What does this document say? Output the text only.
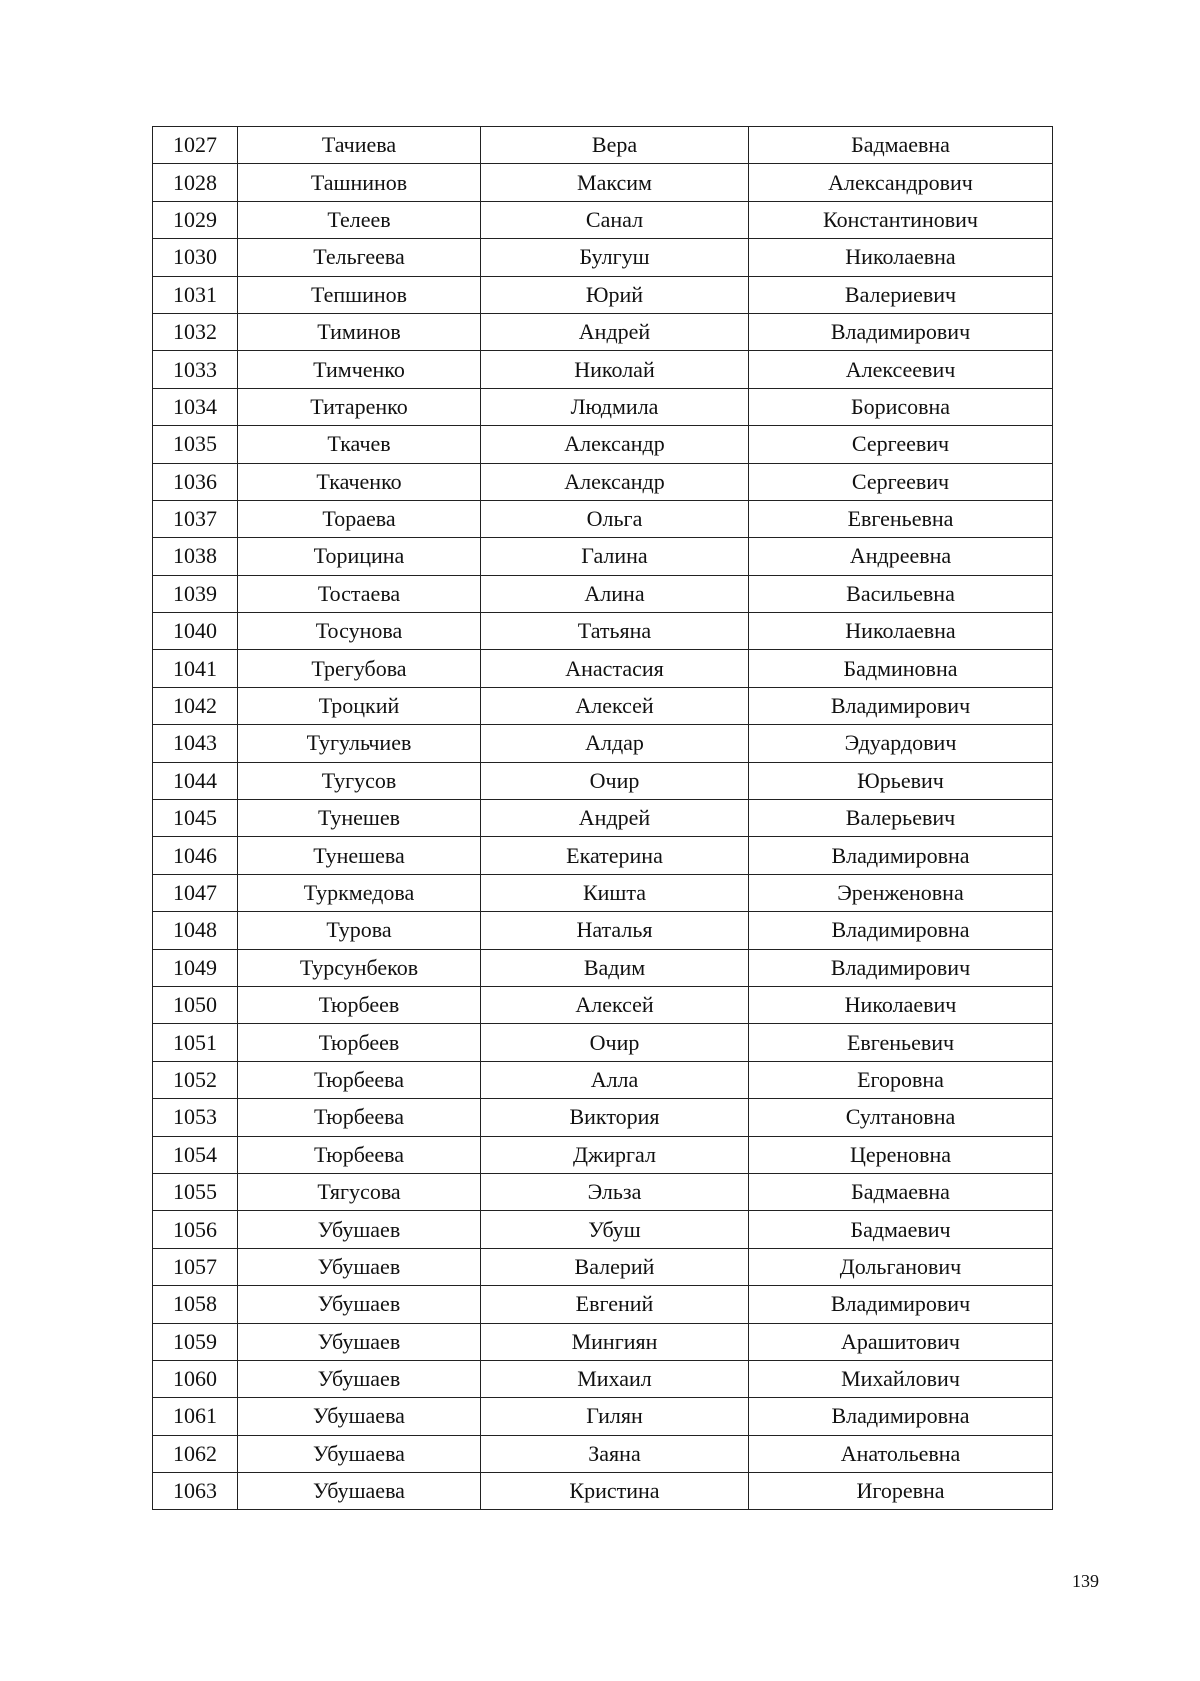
1027	Тачиева	Вера	Бадмаевна
1028	Ташнинов	Максим	Александрович
1029	Телеев	Санал	Константинович
1030	Тельгеева	Булгуш	Николаевна
1031	Тепшинов	Юрий	Валериевич
1032	Тиминов	Андрей	Владимирович
1033	Тимченко	Николай	Алексеевич
1034	Титаренко	Людмила	Борисовна
1035	Ткачев	Александр	Сергеевич
1036	Ткаченко	Александр	Сергеевич
1037	Тораева	Ольга	Евгеньевна
1038	Торицина	Галина	Андреевна
1039	Тостаева	Алина	Васильевна
1040	Тосунова	Татьяна	Николаевна
1041	Трегубова	Анастасия	Бадминовна
1042	Троцкий	Алексей	Владимирович
1043	Тугульчиев	Алдар	Эдуардович
1044	Тугусов	Очир	Юрьевич
1045	Тунешев	Андрей	Валерьевич
1046	Тунешева	Екатерина	Владимировна
1047	Туркмедова	Кишта	Эренженовна
1048	Турова	Наталья	Владимировна
1049	Турсунбеков	Вадим	Владимирович
1050	Тюрбеев	Алексей	Николаевич
1051	Тюрбеев	Очир	Евгеньевич
1052	Тюрбеева	Алла	Егоровна
1053	Тюрбеева	Виктория	Султановна
1054	Тюрбеева	Джиргал	Цереновна
1055	Тягусова	Эльза	Бадмаевна
1056	Убушаев	Убуш	Бадмаевич
1057	Убушаев	Валерий	Дольганович
1058	Убушаев	Евгений	Владимирович
1059	Убушаев	Мингиян	Арашитович
1060	Убушаев	Михаил	Михайлович
1061	Убушаева	Гилян	Владимировна
1062	Убушаева	Заяна	Анатольевна
1063	Убушаева	Кристина	Игоревна
139
